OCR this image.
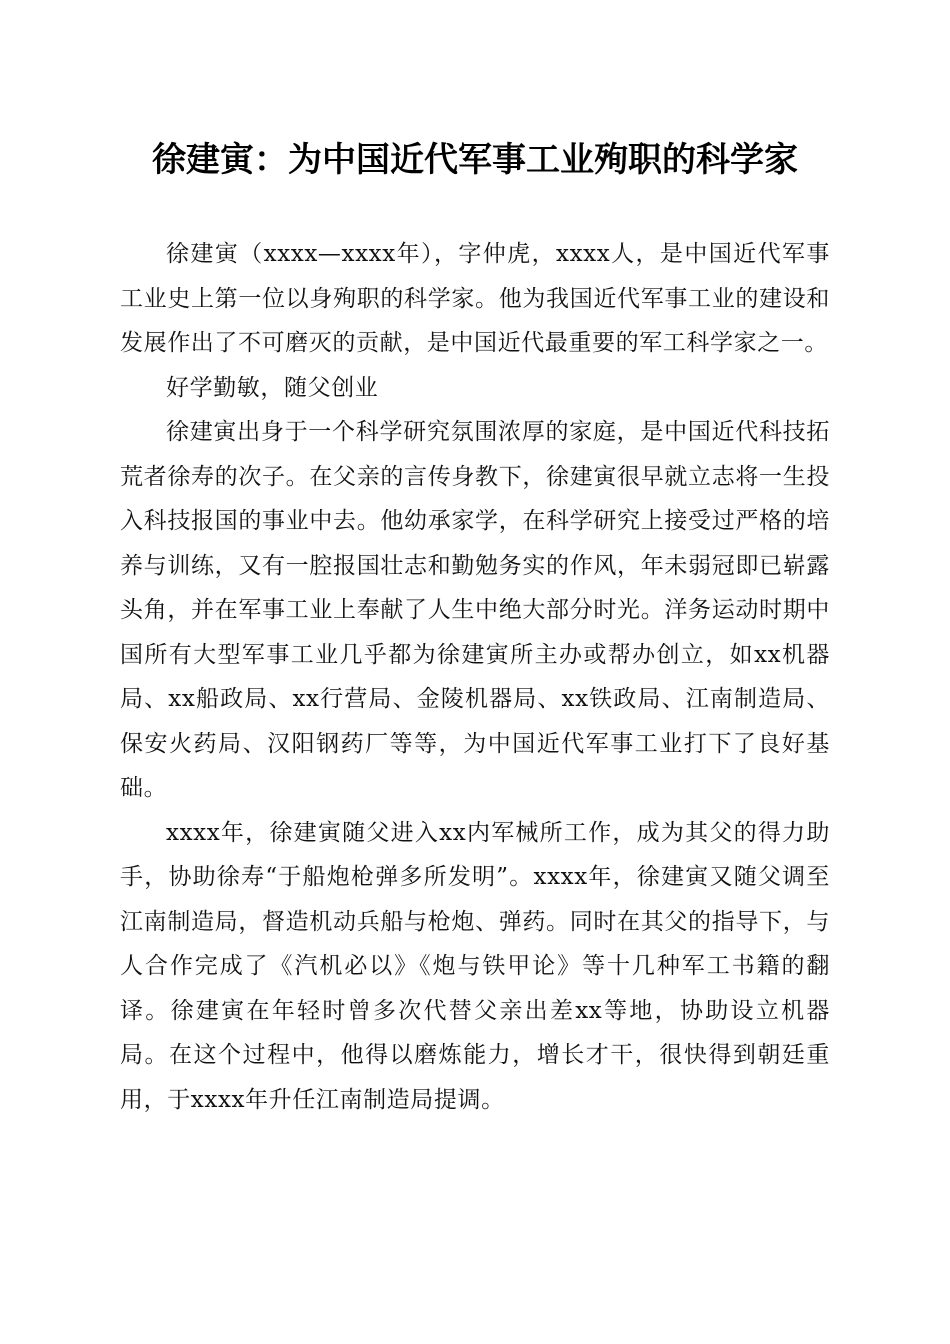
徐建寅：为中国近代军事工业殉职的科学家

徐建寅（xxxx—xxxx年），字仲虎，xxxx人，是中国近代军事工业史上第一位以身殉职的科学家。他为我国近代军事工业的建设和发展作出了不可磨灭的贡献，是中国近代最重要的军工科学家之一。

好学勤敏，随父创业

徐建寅出身于一个科学研究氛围浓厚的家庭，是中国近代科技拓荒者徐寿的次子。在父亲的言传身教下，徐建寅很早就立志将一生投入科技报国的事业中去。他幼承家学，在科学研究上接受过严格的培养与训练，又有一腔报国壮志和勤勉务实的作风，年未弱冠即已崭露头角，并在军事工业上奉献了人生中绝大部分时光。洋务运动时期中国所有大型军事工业几乎都为徐建寅所主办或帮办创立，如xx机器局、xx船政局、xx行营局、金陵机器局、xx铁政局、江南制造局、保安火药局、汉阳钢药厂等等，为中国近代军事工业打下了良好基础。

xxxx年，徐建寅随父进入xx内军械所工作，成为其父的得力助手，协助徐寿“于船炮枪弹多所发明”。xxxx年，徐建寅又随父调至江南制造局，督造机动兵船与枪炮、弹药。同时在其父的指导下，与人合作完成了《汽机必以》《炮与铁甲论》等十几种军工书籍的翻译。徐建寅在年轻时曾多次代替父亲出差xx等地，协助设立机器局。在这个过程中，他得以磨炼能力，增长才干，很快得到朝廷重用，于xxxx年升任江南制造局提调。
